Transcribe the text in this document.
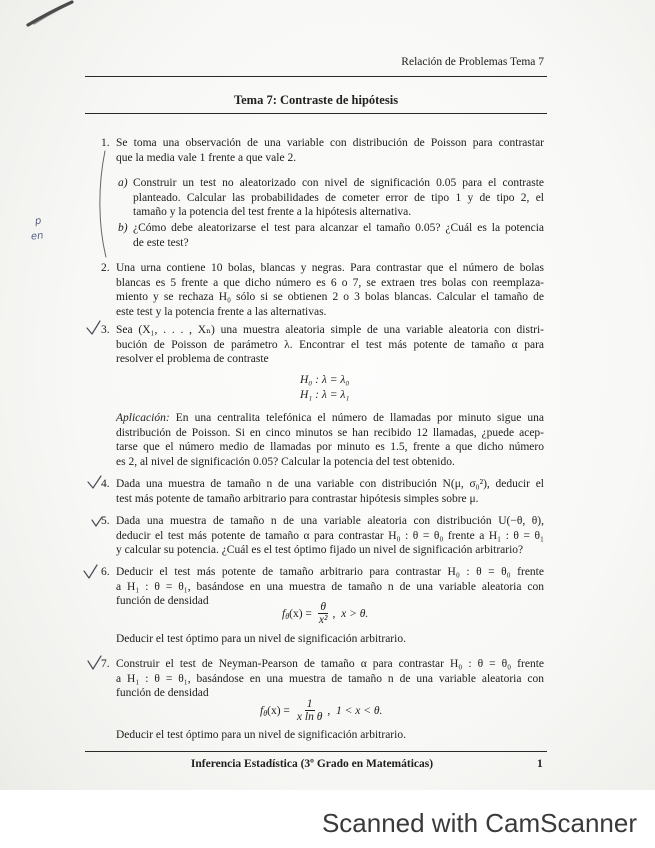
Relación de Problemas Tema 7
Tema 7: Contraste de hipótesis
1. Se toma una observación de una variable con distribución de Poisson para contrastar
que la media vale 1 frente a que vale 2.
a) Construir un test no aleatorizado con nivel de significación 0.05 para el contraste
planteado. Calcular las probabilidades de cometer error de tipo 1 y de tipo 2, el
tamaño y la potencia del test frente a la hipótesis alternativa.
b) ¿Cómo debe aleatorizarse el test para alcanzar el tamaño 0.05? ¿Cuál es la potencia
de este test?
2. Una urna contiene 10 bolas, blancas y negras. Para contrastar que el número de bolas
blancas es 5 frente a que dicho número es 6 o 7, se extraen tres bolas con reemplaza-
miento y se rechaza H₀ sólo si se obtienen 2 o 3 bolas blancas. Calcular el tamaño de
este test y la potencia frente a las alternativas.
3. Sea (X₁, . . . , Xₙ) una muestra aleatoria simple de una variable aleatoria con distri-
bución de Poisson de parámetro λ. Encontrar el test más potente de tamaño α para
resolver el problema de contraste
H₀ : λ = λ₀
H₁ : λ = λ₁
Aplicación: En una centralita telefónica el número de llamadas por minuto sigue una
distribución de Poisson. Si en cinco minutos se han recibido 12 llamadas, ¿puede acep-
tarse que el número medio de llamadas por minuto es 1.5, frente a que dicho número
es 2, al nivel de significación 0.05? Calcular la potencia del test obtenido.
4. Dada una muestra de tamaño n de una variable con distribución N(μ, σ₀²), deducir el
test más potente de tamaño arbitrario para contrastar hipótesis simples sobre μ.
5. Dada una muestra de tamaño n de una variable aleatoria con distribución U(−θ, θ),
deducir el test más potente de tamaño α para contrastar H₀ : θ = θ₀ frente a H₁ : θ = θ₁
y calcular su potencia. ¿Cuál es el test óptimo fijado un nivel de significación arbitrario?
6. Deducir el test más potente de tamaño arbitrario para contrastar H₀ : θ = θ₀ frente
a H₁ : θ = θ₁, basándose en una muestra de tamaño n de una variable aleatoria con
función de densidad
$f_\theta(x) = \frac{\theta}{\text{x²}}$ ,  x > θ.
Deducir el test óptimo para un nivel de significación arbitrario.
7. Construir el test de Neyman-Pearson de tamaño α para contrastar H₀ : θ = θ₀ frente
a H₁ : θ = θ₁, basándose en una muestra de tamaño n de una variable aleatoria con
función de densidad
$f_\theta(x) = \frac{1}{\text{x ln θ}}$ ,  1 < x < θ.
Deducir el test óptimo para un nivel de significación arbitrario.
Inferencia Estadística (3º Grado en Matemáticas)	1
p
en
Scanned with CamScanner
